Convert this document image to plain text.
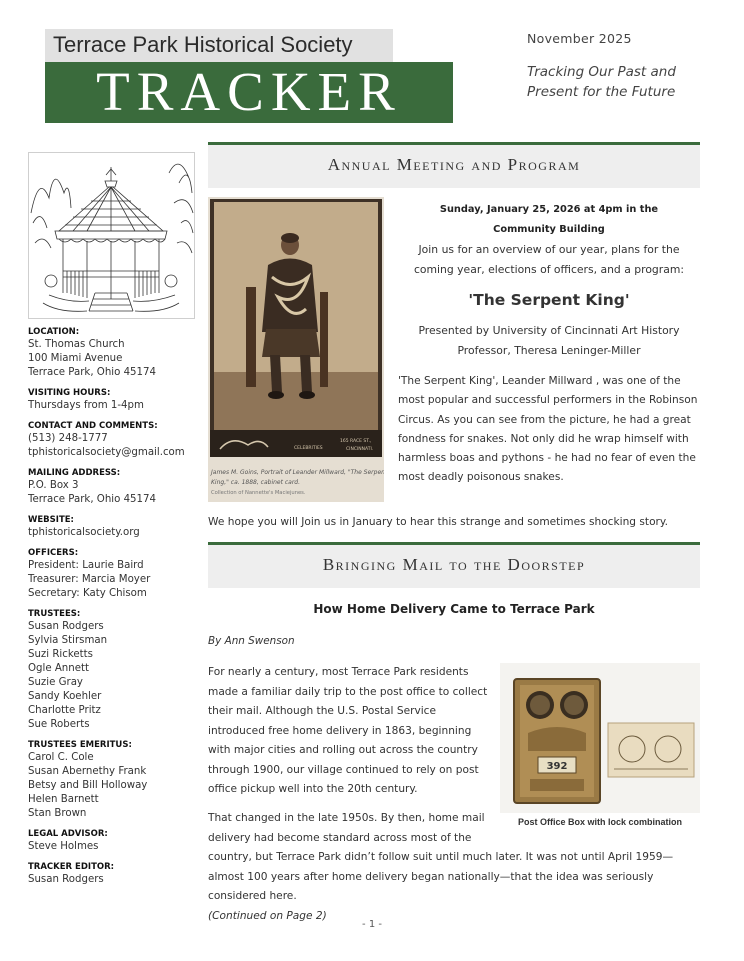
Terrace Park Historical Society
TRACKER
November 2025
Tracking Our Past and
Present for the Future
LOCATION:
St. Thomas Church
100 Miami Avenue
Terrace Park, Ohio 45174
VISITING HOURS:
Thursdays from 1-4pm
CONTACT AND COMMENTS:
(513) 248-1777
tphistoricalsociety@gmail.com
MAILING ADDRESS:
P.O. Box 3
Terrace Park, Ohio 45174
WEBSITE:
tphistoricalsociety.org
OFFICERS:
President: Laurie Baird
Treasurer: Marcia Moyer
Secretary: Katy Chisom
TRUSTEES:
Susan Rodgers
Sylvia Stirsman
Suzi Ricketts
Ogle Annett
Suzie Gray
Sandy Koehler
Charlotte Pritz
Sue Roberts
TRUSTEES EMERITUS:
Carol C. Cole
Susan Abernethy Frank
Betsy and Bill Holloway
Helen Barnett
Stan Brown
LEGAL ADVISOR:
Steve Holmes
TRACKER EDITOR:
Susan Rodgers
Annual Meeting and Program
CELEBRITIES
165 RACE ST.,
CINCINNATI.
James M. Goins, Portrait of Leander Millward, "The Serpent
King," ca. 1888, cabinet card.
Collection of Nannette's Maciejunes.
Sunday, January 25, 2026 at 4pm in the
Community Building
Join us for an overview of our year, plans for the coming year, elections of officers, and a program:
'The Serpent King'
Presented by University of Cincinnati Art History Professor, Theresa Leninger-Miller
'The Serpent King', Leander Millward , was one of the most popular and successful performers in the Robinson Circus. As you can see from the picture, he had a great fondness for snakes. Not only did he wrap himself with harmless boas and pythons - he had no fear of even the most deadly poisonous snakes.
We hope you will Join us in January to hear this strange and sometimes shocking story.
Bringing Mail to the Doorstep
How Home Delivery Came to Terrace Park
By Ann Swenson
For nearly a century, most Terrace Park residents made a familiar daily trip to the post office to collect their mail. Although the U.S. Postal Service introduced free home delivery in 1863, beginning with major cities and rolling out across the country through 1900, our village continued to rely on post office pickup well into the 20th century.
392
Post Office Box with lock combination
That changed in the late 1950s. By then, home mail delivery had become standard across most of the
country, but Terrace Park didn’t follow suit until much later. It was not until April 1959—almost 100 years after home delivery began nationally—that the idea was seriously considered here.
(Continued on Page 2)
- 1 -
